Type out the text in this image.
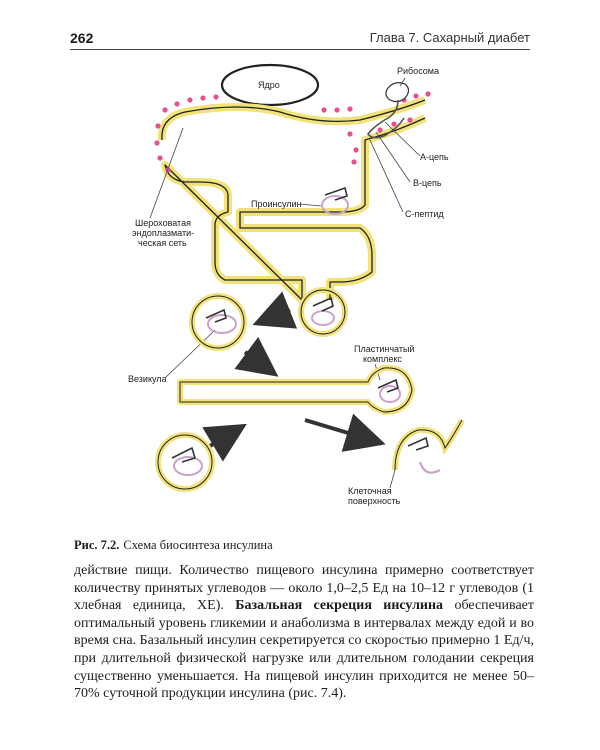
262	Глава 7. Сахарный диабет
Ядро
Рибосома
А-цепь
В-цепь
С-пептид
Проинсулин
Шероховатая
эндоплазмати-
ческая сеть
Везикула
Пластинчатый
комплекс
Клеточная
поверхность
Рис. 7.2. Схема биосинтеза инсулина
действие пищи. Количество пищевого инсулина примерно соответствует количеству принятых углеводов — около 1,0–2,5 Ед на 10–12 г углеводов (1 хлебная единица, ХЕ). Базальная секреция инсулина обеспечивает оптимальный уровень гликемии и анаболизма в интервалах между едой и во время сна. Базальный инсулин секретируется со скоростью примерно 1 Ед/ч, при длительной физической нагрузке или длительном голодании секреция существенно уменьшается. На пищевой инсулин приходится не менее 50–70% суточной продукции инсулина (рис. 7.4).
